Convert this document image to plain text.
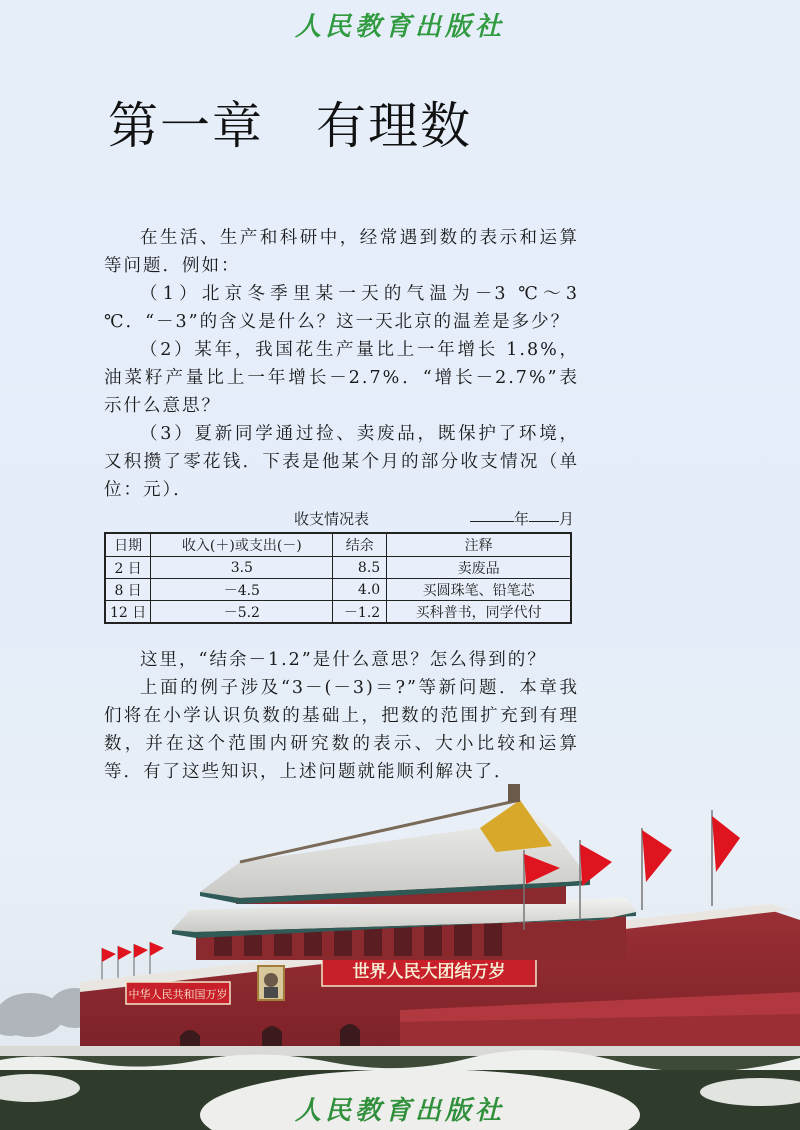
人民教育出版社
第一章　有理数

在生活、生产和科研中，经常遇到数的表示和运算等问题．例如：

（1）北京冬季里某一天的气温为－3 ℃～3 ℃．“－3”的含义是什么？这一天北京的温差是多少？

（2）某年，我国花生产量比上一年增长 1.8%，油菜籽产量比上一年增长－2.7%．“增长－2.7%”表示什么意思？

（3）夏新同学通过捡、卖废品，既保护了环境，又积攒了零花钱．下表是他某个月的部分收支情况（单位：元）．

收支情况表	年 月
日期	收入(＋)或支出(－)	结余	注释
2 日	3.5	8.5	卖废品
8 日	－4.5	4.0	买圆珠笔、铅笔芯
12 日	－5.2	－1.2	买科普书，同学代付

这里，“结余－1.2”是什么意思？怎么得到的？

上面的例子涉及“3－(－3)＝?”等新问题．本章我们将在小学认识负数的基础上，把数的范围扩充到有理数，并在这个范围内研究数的表示、大小比较和运算等．有了这些知识，上述问题就能顺利解决了．

中华人民共和国万岁
世界人民大团结万岁
人民教育出版社
